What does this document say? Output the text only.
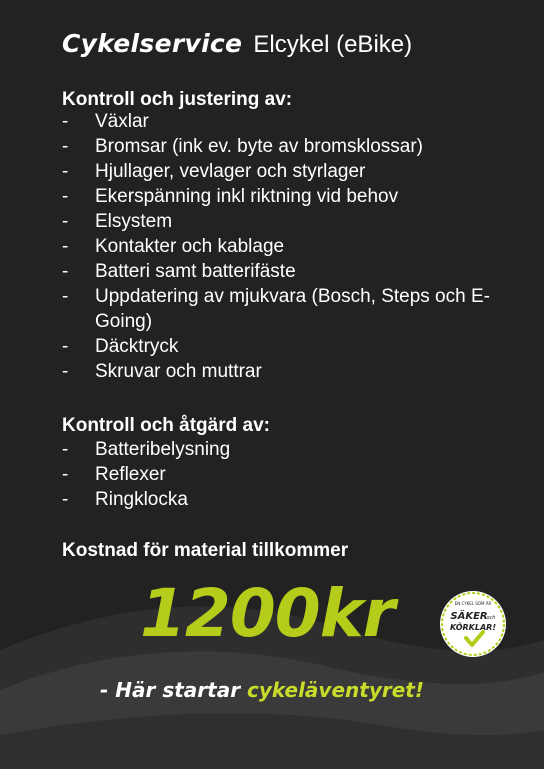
Cykelservice Elcykel (eBike)
Kontroll och justering av:
- Växlar
- Bromsar (ink ev. byte av bromsklossar)
- Hjullager, vevlager och styrlager
- Ekerspänning inkl riktning vid behov
- Elsystem
- Kontakter och kablage
- Batteri samt batterifäste
- Uppdatering av mjukvara (Bosch, Steps och E-Going)
- Däcktryck
- Skruvar och muttrar
Kontroll och åtgärd av:
- Batteribelysning
- Reflexer
- Ringklocka
Kostnad för material tillkommer
1200kr	EN CYKEL SOM ÄR
SÄKER
och
KÖRKLAR!
- Här startar cykeläventyret!
